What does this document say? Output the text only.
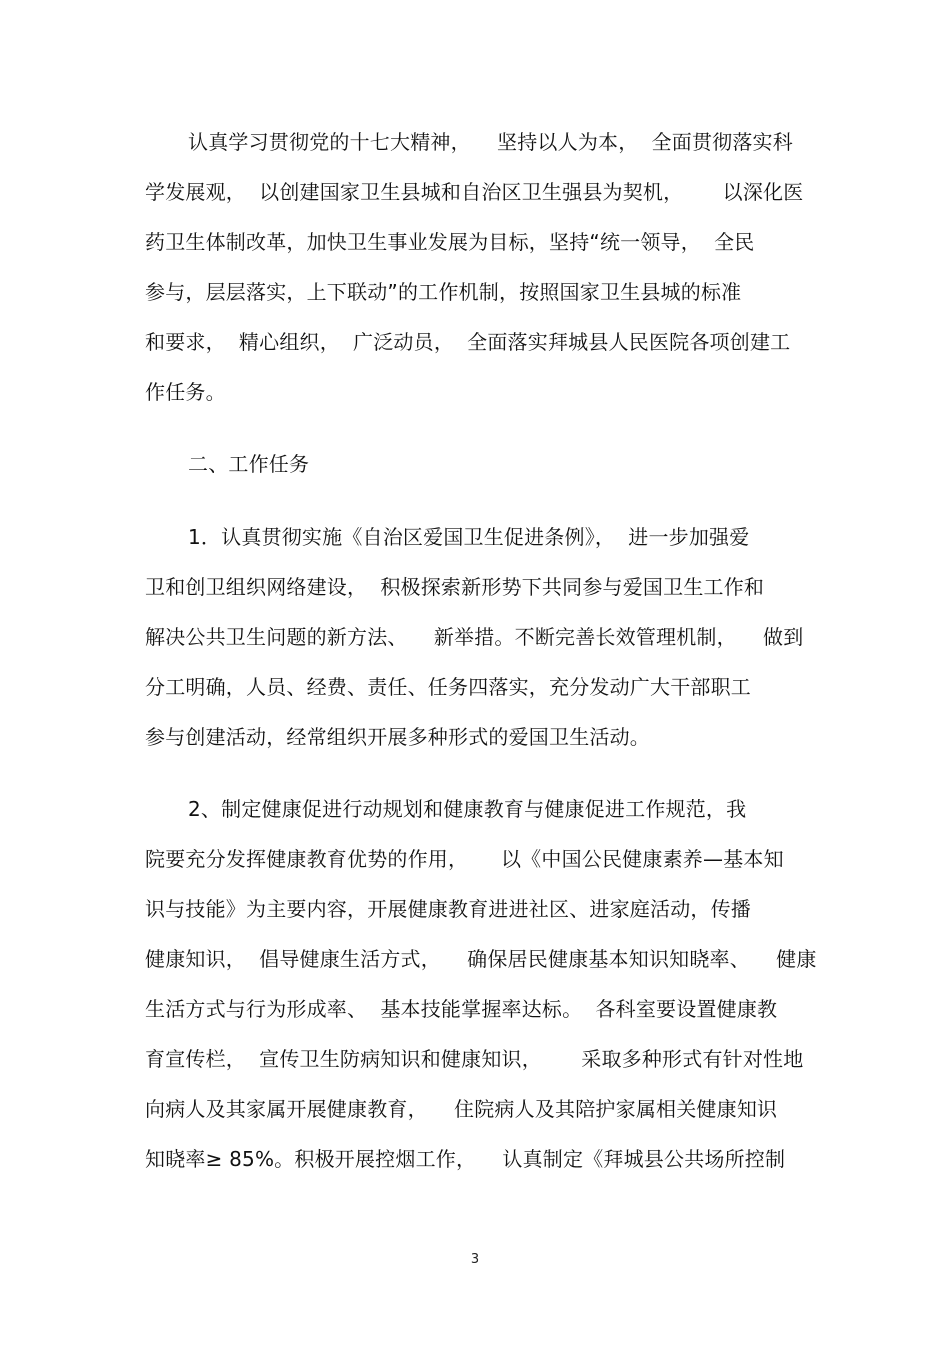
认真学习贯彻党的十七大精神，    坚持以人为本，  全面贯彻落实科
学发展观，  以创建国家卫生县城和自治区卫生强县为契机，      以深化医
药卫生体制改革，加快卫生事业发展为目标，坚持“统一领导，  全民
参与，层层落实，上下联动”的工作机制，按照国家卫生县城的标准
和要求，  精心组织，  广泛动员，  全面落实拜城县人民医院各项创建工
作任务。
二、工作任务
1．认真贯彻实施《自治区爱国卫生促进条例》，  进一步加强爱
卫和创卫组织网络建设，  积极探索新形势下共同参与爱国卫生工作和
解决公共卫生问题的新方法、    新举措。不断完善长效管理机制，    做到
分工明确，人员、经费、责任、任务四落实，充分发动广大干部职工
参与创建活动，经常组织开展多种形式的爱国卫生活动。
2、制定健康促进行动规划和健康教育与健康促进工作规范，我
院要充分发挥健康教育优势的作用，     以《中国公民健康素养—基本知
识与技能》为主要内容，开展健康教育进进社区、进家庭活动，传播
健康知识，  倡导健康生活方式，    确保居民健康基本知识知晓率、    健康
生活方式与行为形成率、  基本技能掌握率达标。  各科室要设置健康教
育宣传栏，  宣传卫生防病知识和健康知识，      采取多种形式有针对性地
向病人及其家属开展健康教育，    住院病人及其陪护家属相关健康知识
知晓率≥ 85%。积极开展控烟工作，    认真制定《拜城县公共场所控制
3
